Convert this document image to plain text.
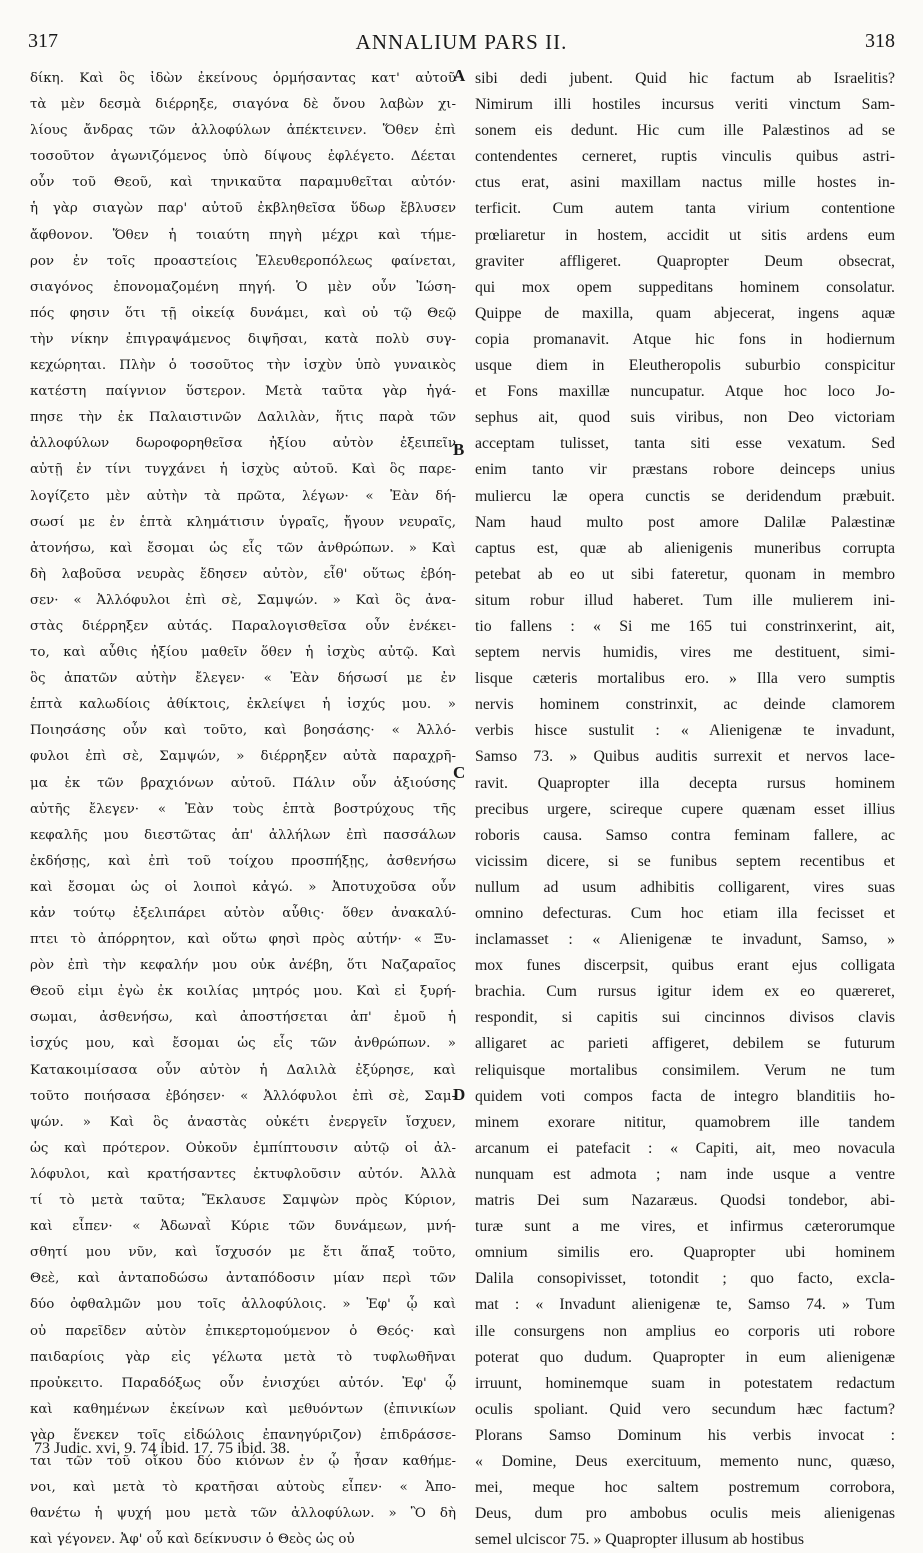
317	ANNALIUM PARS II.	318
δίκη. Καὶ ὃς ἰδὼν ἐκείνους ὁρμήσαντας κατ' αὐτοῦ
τὰ μὲν δεσμὰ διέρρηξε, σιαγόνα δὲ ὄνου λαβὼν χι-
λίους ἄνδρας τῶν ἀλλοφύλων ἀπέκτεινεν. Ὅθεν ἐπὶ
τοσοῦτον ἀγωνιζόμενος ὑπὸ δίψους ἐφλέγετο. Δέεται
οὖν τοῦ Θεοῦ, καὶ τηνικαῦτα παραμυθεῖται αὐτόν·
ἡ γὰρ σιαγὼν παρ' αὐτοῦ ἐκβληθεῖσα ὕδωρ ἔβλυσεν
ἄφθονον. Ὅθεν ἡ τοιαύτη πηγὴ μέχρι καὶ τήμε-
ρον ἐν τοῖς προαστείοις Ἐλευθεροπόλεως φαίνεται,
σιαγόνος ἐπονομαζομένη πηγή. Ὁ μὲν οὖν Ἰώση-
πός φησιν ὅτι τῇ οἰκείᾳ δυνάμει, καὶ οὐ τῷ Θεῷ
τὴν νίκην ἐπιγραψάμενος διψῆσαι, κατὰ πολὺ συγ-
κεχώρηται. Πλὴν ὁ τοσοῦτος τὴν ἰσχὺν ὑπὸ γυναικὸς
κατέστη παίγνιον ὕστερον. Μετὰ ταῦτα γὰρ ἠγά-
πησε τὴν ἐκ Παλαιστινῶν Δαλιλὰν, ἥτις παρὰ τῶν
ἀλλοφύλων δωροφορηθεῖσα ἠξίου αὐτὸν ἐξειπεῖν
αὐτῇ ἐν τίνι τυγχάνει ἡ ἰσχὺς αὐτοῦ. Καὶ ὃς παρε-
λογίζετο μὲν αὐτὴν τὰ πρῶτα, λέγων· « Ἐὰν δή-
σωσί με ἐν ἑπτὰ κλημάτισιν ὑγραῖς, ἤγουν νευραῖς,
ἀτονήσω, καὶ ἔσομαι ὡς εἷς τῶν ἀνθρώπων. » Καὶ
δὴ λαβοῦσα νευρὰς ἔδησεν αὐτὸν, εἶθ' οὕτως ἐβόη-
σεν· « Ἀλλόφυλοι ἐπὶ σὲ, Σαμψών. » Καὶ ὃς ἀνα-
στὰς διέρρηξεν αὐτάς. Παραλογισθεῖσα οὖν ἐνέκει-
το, καὶ αὖθις ἠξίου μαθεῖν ὅθεν ἡ ἰσχὺς αὐτῷ. Καὶ
ὃς ἀπατῶν αὐτὴν ἔλεγεν· « Ἐὰν δήσωσί με ἐν
ἑπτὰ καλωδίοις ἀθίκτοις, ἐκλείψει ἡ ἰσχύς μου. »
Ποιησάσης οὖν καὶ τοῦτο, καὶ βοησάσης· « Ἀλλό-
φυλοι ἐπὶ σὲ, Σαμψών, » διέρρηξεν αὐτὰ παραχρῆ-
μα ἐκ τῶν βραχιόνων αὐτοῦ. Πάλιν οὖν ἀξιούσης
αὐτῆς ἔλεγεν· « Ἐὰν τοὺς ἑπτὰ βοστρύχους τῆς
κεφαλῆς μου διεστῶτας ἀπ' ἀλλήλων ἐπὶ πασσάλων
ἐκδήσῃς, καὶ ἐπὶ τοῦ τοίχου προσπήξῃς, ἀσθενήσω
καὶ ἔσομαι ὡς οἱ λοιποὶ κἀγώ. » Ἀποτυχοῦσα οὖν
κἀν τούτῳ ἐξελιπάρει αὐτὸν αὖθις· ὅθεν ἀνακαλύ-
πτει τὸ ἀπόρρητον, καὶ οὕτω φησὶ πρὸς αὐτήν· « Ξυ-
ρὸν ἐπὶ τὴν κεφαλήν μου οὐκ ἀνέβη, ὅτι Ναζαραῖος
Θεοῦ εἰμι ἐγὼ ἐκ κοιλίας μητρός μου. Καὶ εἰ ξυρή-
σωμαι, ἀσθενήσω, καὶ ἀποστήσεται ἀπ' ἐμοῦ ἡ
ἰσχύς μου, καὶ ἔσομαι ὡς εἷς τῶν ἀνθρώπων. »
Κατακοιμίσασα οὖν αὐτὸν ἡ Δαλιλὰ ἐξύρησε, καὶ
τοῦτο ποιήσασα ἐβόησεν· « Ἀλλόφυλοι ἐπὶ σὲ, Σαμ-
ψών. » Καὶ ὃς ἀναστὰς οὐκέτι ἐνεργεῖν ἴσχυεν,
ὡς καὶ πρότερον. Οὐκοῦν ἐμπίπτουσιν αὐτῷ οἱ ἀλ-
λόφυλοι, καὶ κρατήσαντες ἐκτυφλοῦσιν αὐτόν. Ἀλλὰ
τί τὸ μετὰ ταῦτα; Ἔκλαυσε Σαμψὼν πρὸς Κύριον,
καὶ εἶπεν· « Ἀδωναῒ Κύριε τῶν δυνάμεων, μνή-
σθητί μου νῦν, καὶ ἴσχυσόν με ἔτι ἅπαξ τοῦτο,
Θεὲ, καὶ ἀνταποδώσω ἀνταπόδοσιν μίαν περὶ τῶν
δύο ὀφθαλμῶν μου τοῖς ἀλλοφύλοις. » Ἐφ' ᾧ καὶ
οὐ παρεῖδεν αὐτὸν ἐπικερτομούμενον ὁ Θεός· καὶ
παιδαρίοις γὰρ εἰς γέλωτα μετὰ τὸ τυφλωθῆναι
προὐκειτο. Παραδόξως οὖν ἐνισχύει αὐτόν. Ἐφ' ᾧ
καὶ καθημένων ἐκείνων καὶ μεθυόντων (ἐπινικίων
γὰρ ἕνεκεν τοῖς εἰδώλοις ἐπανηγύριζον) ἐπιδράσσε-
ται τῶν τοῦ οἴκου δύο κιόνων ἐν ᾧ ἦσαν καθήμε-
νοι, καὶ μετὰ τὸ κρατῆσαι αὐτοὺς εἶπεν· « Ἀπο-
θανέτω ἡ ψυχή μου μετὰ τῶν ἀλλοφύλων. » Ὃ δὴ
καὶ γέγονεν. Ἀφ' οὗ καὶ δείκνυσιν ὁ Θεὸς ὡς οὐ
sibi dedi jubent. Quid hic factum ab Israelitis?
Nimirum illi hostiles incursus veriti vinctum Sam-
sonem eis dedunt. Hic cum ille Palæstinos ad se
contendentes cerneret, ruptis vinculis quibus astri-
ctus erat, asini maxillam nactus mille hostes in-
terficit. Cum autem tanta virium contentione
prœliaretur in hostem, accidit ut sitis ardens eum
graviter affligeret. Quapropter Deum obsecrat,
qui mox opem suppeditans hominem consolatur.
Quippe de maxilla, quam abjecerat, ingens aquæ
copia promanavit. Atque hic fons in hodiernum
usque diem in Eleutheropolis suburbio conspicitur
et Fons maxillæ nuncupatur. Atque hoc loco Jo-
sephus ait, quod suis viribus, non Deo victoriam
acceptam tulisset, tanta siti esse vexatum. Sed
enim tanto vir præstans robore deinceps unius
muliercu læ opera cunctis se deridendum præbuit.
Nam haud multo post amore Dalilæ Palæstinæ
captus est, quæ ab alienigenis muneribus corrupta
petebat ab eo ut sibi fateretur, quonam in membro
situm robur illud haberet. Tum ille mulierem ini-
tio fallens : « Si me 165 tui constrinxerint, ait,
septem nervis humidis, vires me destituent, simi-
lisque cæteris mortalibus ero. » Illa vero sumptis
nervis hominem constrinxit, ac deinde clamorem
verbis hisce sustulit : « Alienigenæ te invadunt,
Samso 73. » Quibus auditis surrexit et nervos lace-
ravit. Quapropter illa decepta rursus hominem
precibus urgere, scireque cupere quænam esset illius
roboris causa. Samso contra feminam fallere, ac
vicissim dicere, si se funibus septem recentibus et
nullum ad usum adhibitis colligarent, vires suas
omnino defecturas. Cum hoc etiam illa fecisset et
inclamasset : « Alienigenæ te invadunt, Samso, »
mox funes discerpsit, quibus erant ejus colligata
brachia. Cum rursus igitur idem ex eo quæreret,
respondit, si capitis sui cincinnos divisos clavis
alligaret ac parieti affigeret, debilem se futurum
reliquisque mortalibus consimilem. Verum ne tum
quidem voti compos facta de integro blanditiis ho-
minem exorare nititur, quamobrem ille tandem
arcanum ei patefacit : « Capiti, ait, meo novacula
nunquam est admota ; nam inde usque a ventre
matris Dei sum Nazaræus. Quodsi tondebor, abi-
turæ sunt a me vires, et infirmus cæterorumque
omnium similis ero. Quapropter ubi hominem
Dalila consopivisset, totondit ; quo facto, excla-
mat : « Invadunt alienigenæ te, Samso 74. » Tum
ille consurgens non amplius eo corporis uti robore
poterat quo dudum. Quapropter in eum alienigenæ
irruunt, hominemque suam in potestatem redactum
oculis spoliant. Quid vero secundum hæc factum?
Plorans Samso Dominum his verbis invocat :
« Domine, Deus exercituum, memento nunc, quæso,
mei, meque hoc saltem postremum corrobora,
Deus, dum pro ambobus oculis meis alienigenas
semel ulciscor 75. » Quapropter illusum ab hostibus
A
B
C
D
73 Judic. xvi, 9. 74 ibid. 17. 75 ibid. 38.
